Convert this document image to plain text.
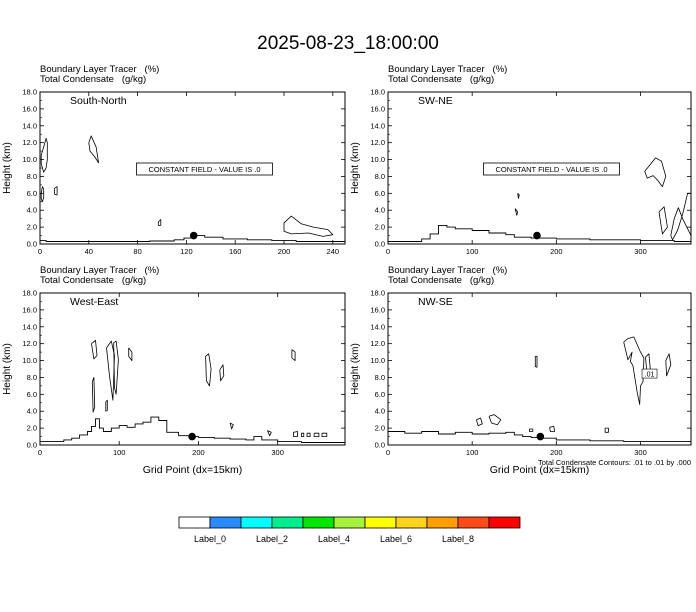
2025-08-23_18:00:00
Boundary Layer Tracer   (%)
Total Condensate   (g/kg)
0.0
2.0
4.0
6.0
8.0
10.0
12.0
14.0
16.0
18.0
0	40	80	120	160	200	240
Height (km)
South-North
CONSTANT FIELD - VALUE IS .0
Boundary Layer Tracer   (%)
Total Condensate   (g/kg)
0.0
2.0
4.0
6.0
8.0
10.0
12.0
14.0
16.0
18.0
0	100	200	300
Height (km)
SW-NE
CONSTANT FIELD - VALUE IS .0
Boundary Layer Tracer   (%)
Total Condensate   (g/kg)
0.0
2.0
4.0
6.0
8.0
10.0
12.0
14.0
16.0
18.0
0	100	200	300
Height (km)
Grid Point (dx=15km)
West-East
Boundary Layer Tracer   (%)
Total Condensate   (g/kg)
0.0
2.0
4.0
6.0
8.0
10.0
12.0
14.0
16.0
18.0
0	100	200	300
Height (km)
Grid Point (dx=15km)
NW-SE
.01
Total Condensate Contours: .01 to .01 by .000
Label_0	Label_2	Label_4	Label_6	Label_8
